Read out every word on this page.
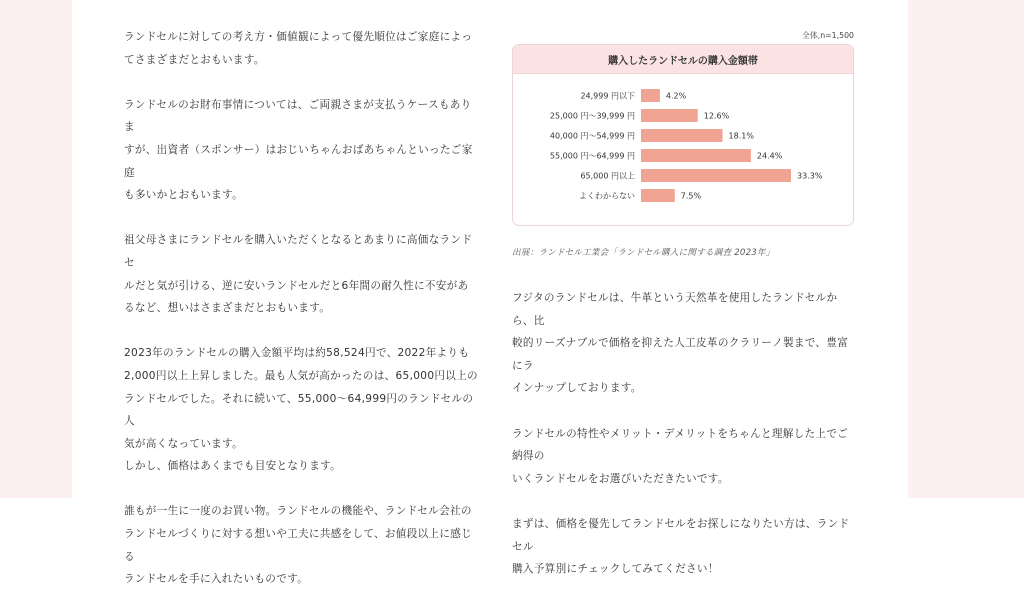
ランドセルに対しての考え方・価値観によって優先順位はご家庭によっ
てさまざまだとおもいます。

ランドセルのお財布事情については、ご両親さまが支払うケースもありま
すが、出資者（スポンサー）はおじいちゃんおばあちゃんといったご家庭
も多いかとおもいます。

祖父母さまにランドセルを購入いただくとなるとあまりに高価なランドセ
ルだと気が引ける、逆に安いランドセルだと6年間の耐久性に不安があ
るなど、想いはさまざまだとおもいます。

2023年のランドセルの購入金額平均は約58,524円で、2022年よりも
2,000円以上上昇しました。最も人気が高かったのは、65,000円以上の
ランドセルでした。それに続いて、55,000〜64,999円のランドセルの人
気が高くなっています。
しかし、価格はあくまでも目安となります。

誰もが一生に一度のお買い物。ランドセルの機能や、ランドセル会社の
ランドセルづくりに対する想いや工夫に共感をして、お値段以上に感じる
ランドセルを手に入れたいものです。

全体,n=1,500
購入したランドセルの購入金額帯
24,999 円以下	4.2%
25,000 円〜39,999 円	12.6%
40,000 円〜54,999 円	18.1%
55,000 円〜64,999 円	24.4%
65,000 円以上	33.3%
よくわからない	7.5%
出展：ランドセル工業会「ランドセル購入に関する調査 2023年」

フジタのランドセルは、牛革という天然革を使用したランドセルから、比
較的リーズナブルで価格を抑えた人工皮革のクラリーノ製まで、豊富にラ
インナップしております。

ランドセルの特性やメリット・デメリットをちゃんと理解した上でご納得の
いくランドセルをお選びいただきたいです。

まずは、価格を優先してランドセルをお探しになりたい方は、ランドセル
購入予算別にチェックしてみてください！
